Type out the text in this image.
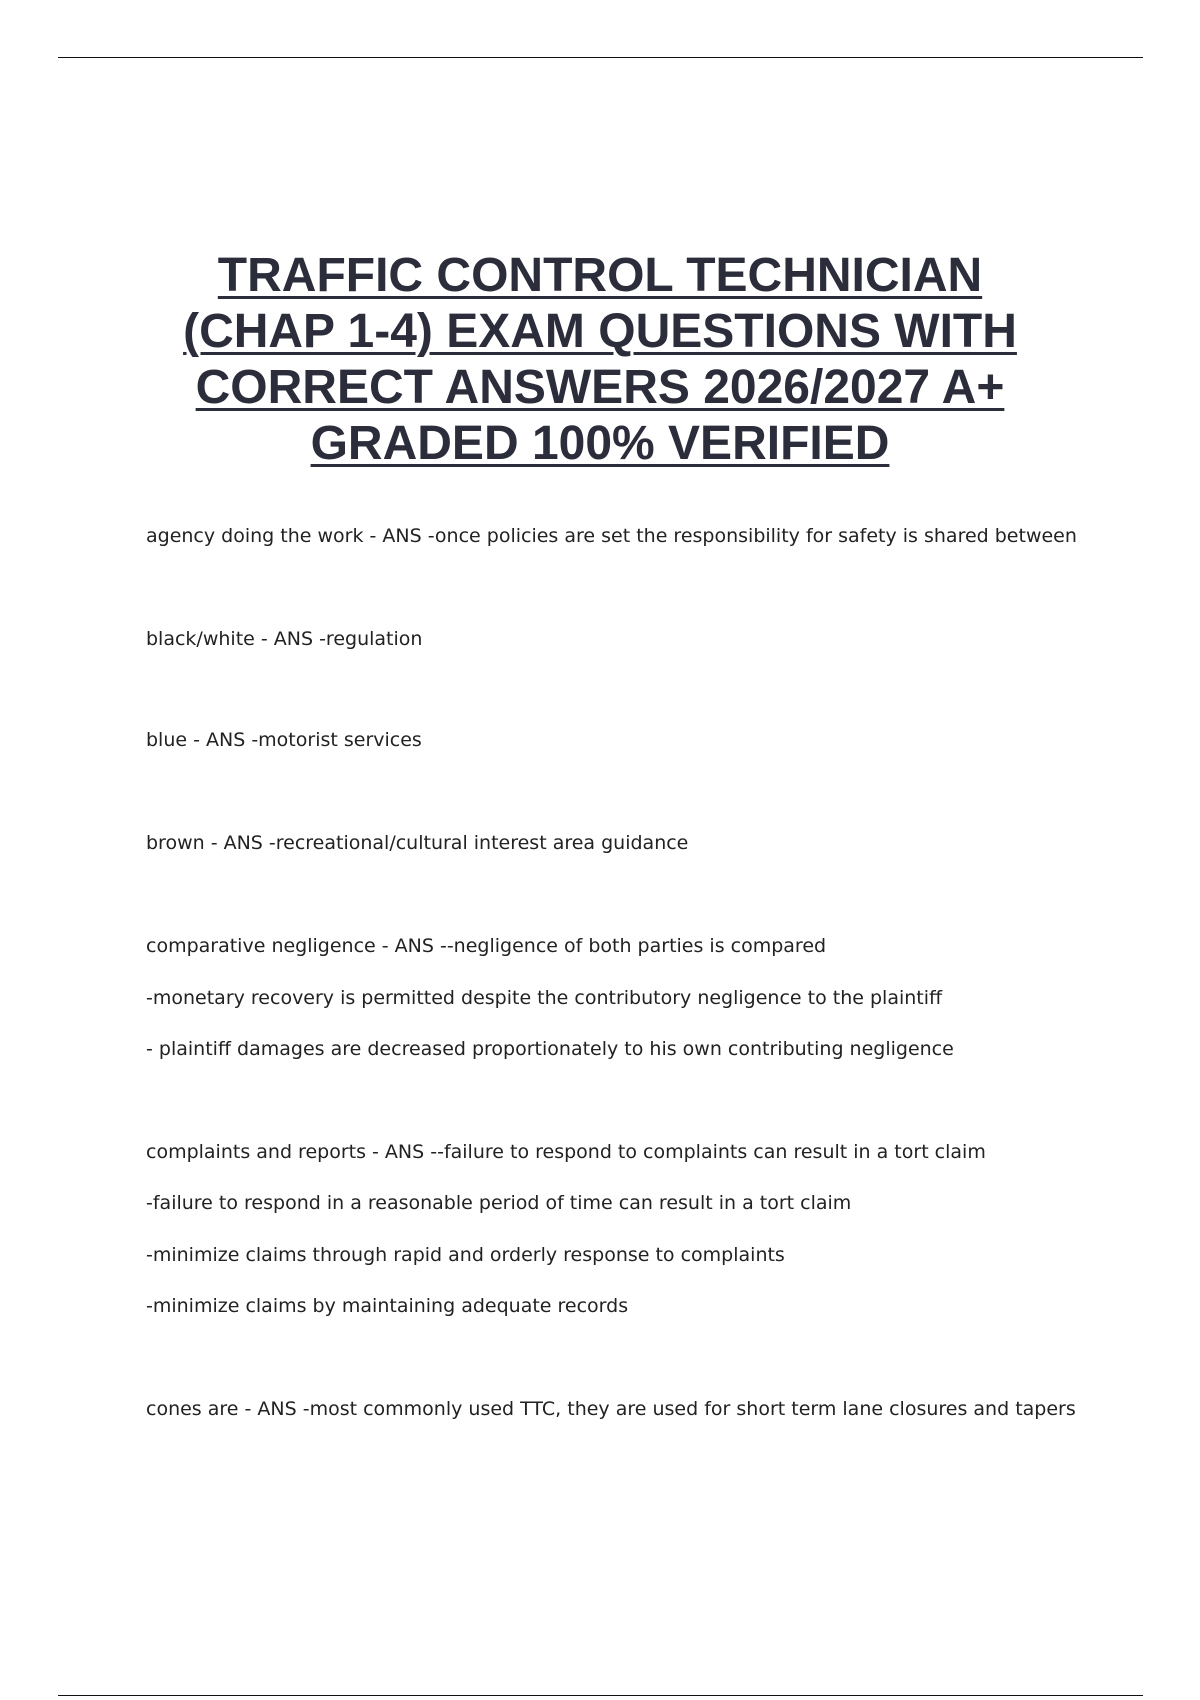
TRAFFIC CONTROL TECHNICIAN
(CHAP 1-4) EXAM QUESTIONS WITH
CORRECT ANSWERS 2026/2027 A+
GRADED 100% VERIFIED

agency doing the work - ANS -once policies are set the responsibility for safety is shared between

black/white - ANS -regulation

blue - ANS -motorist services

brown - ANS -recreational/cultural interest area guidance

comparative negligence - ANS --negligence of both parties is compared

-monetary recovery is permitted despite the contributory negligence to the plaintiff

- plaintiff damages are decreased proportionately to his own contributing negligence

complaints and reports - ANS --failure to respond to complaints can result in a tort claim

-failure to respond in a reasonable period of time can result in a tort claim

-minimize claims through rapid and orderly response to complaints

-minimize claims by maintaining adequate records

cones are - ANS -most commonly used TTC, they are used for short term lane closures and tapers
